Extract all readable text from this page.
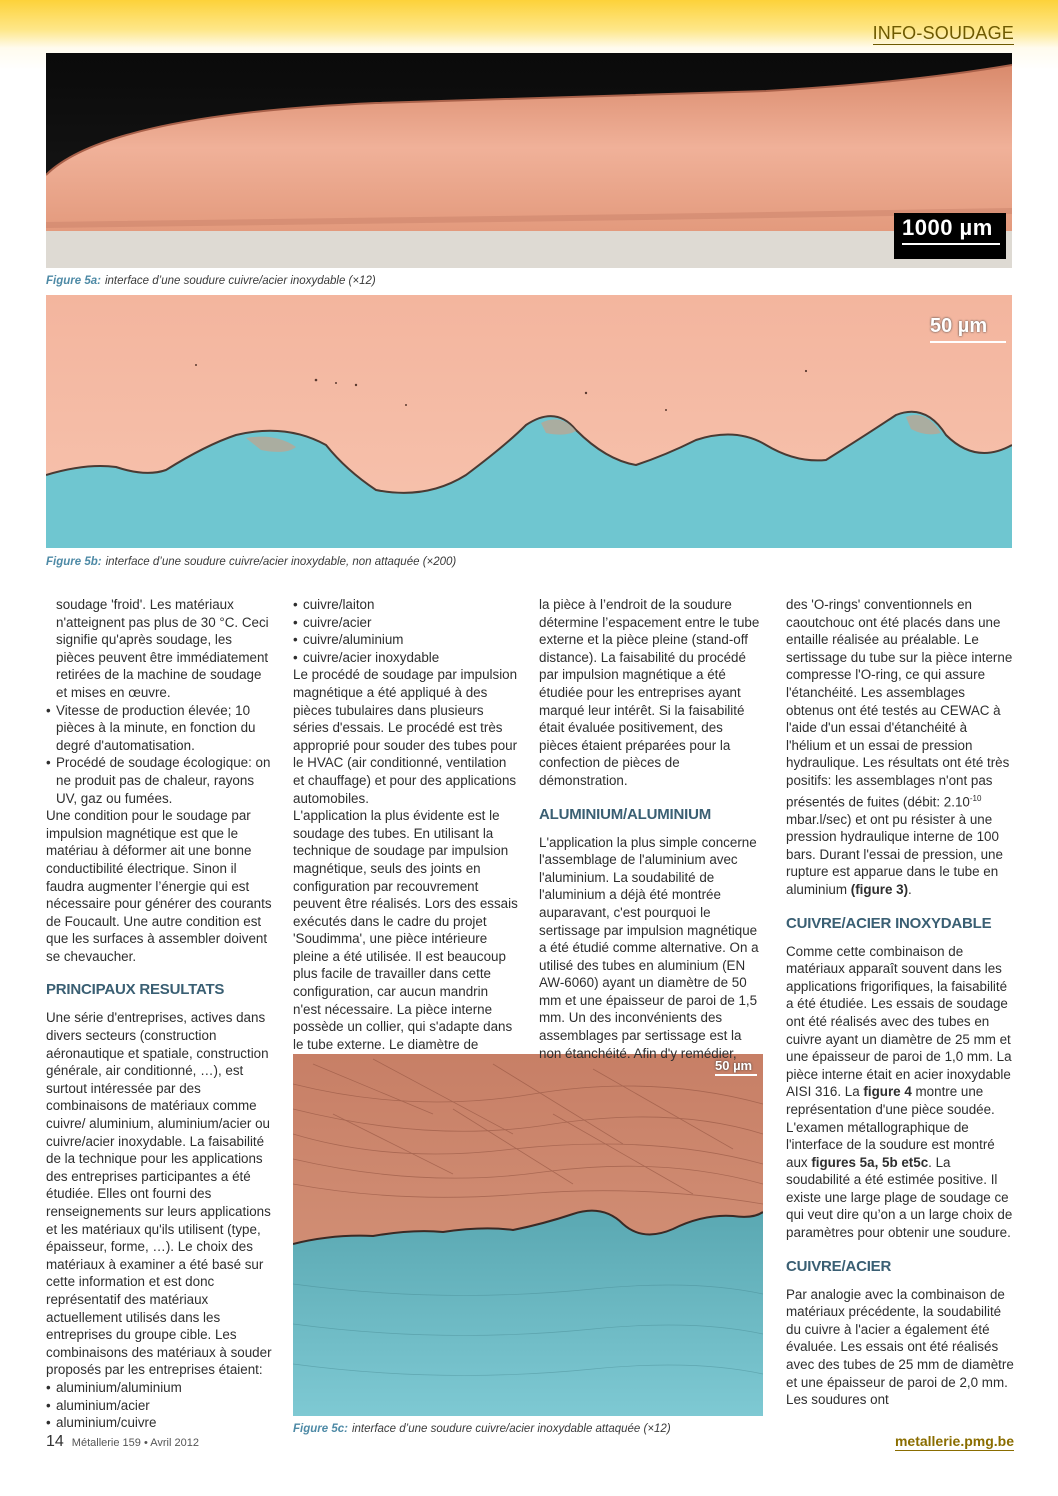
INFO-SOUDAGE
1000 µm
Figure 5a: interface d’une soudure cuivre/acier inoxydable (×12)
50 µm
Figure 5b: interface d’une soudure cuivre/acier inoxydable, non attaquée (×200)
50 µm
Figure 5c: interface d’une soudure cuivre/acier inoxydable attaquée (×12)

soudage 'froid'. Les matériaux n'atteignent pas plus de 30 °C. Ceci signifie qu'après soudage, les pièces peuvent être immédiatement retirées de la machine de soudage et mises en œuvre.

• Vitesse de production élevée; 10 pièces à la minute, en fonction du degré d'automatisation.
• Procédé de soudage écologique: on ne produit pas de chaleur, rayons UV, gaz ou fumées.

Une condition pour le soudage par impulsion magnétique est que le matériau à déformer ait une bonne conductibilité électrique. Sinon il faudra augmenter l’énergie qui est nécessaire pour générer des courants de Foucault. Une autre condition est que les surfaces à assembler doivent se chevaucher.

PRINCIPAUX RESULTATS

Une série d'entreprises, actives dans divers secteurs (construction aéronautique et spatiale, construction générale, air conditionné, …), est surtout intéressée par des combinaisons de matériaux comme cuivre/ aluminium, aluminium/acier ou cuivre/acier inoxydable. La faisabilité de la technique pour les applications des entreprises participantes a été étudiée. Elles ont fourni des renseignements sur leurs applications et les matériaux qu'ils utilisent (type, épaisseur, forme, …). Le choix des matériaux à examiner a été basé sur cette information et est donc représentatif des matériaux actuellement utilisés dans les entreprises du groupe cible. Les combinaisons des matériaux à souder proposés par les entreprises étaient:

• aluminium/aluminium
• aluminium/acier
• aluminium/cuivre
• cuivre/laiton
• cuivre/acier
• cuivre/aluminium
• cuivre/acier inoxydable

Le procédé de soudage par impulsion magnétique a été appliqué à des pièces tubulaires dans plusieurs séries d'essais. Le procédé est très approprié pour souder des tubes pour le HVAC (air conditionné, ventilation et chauffage) et pour des applications automobiles.

L'application la plus évidente est le soudage des tubes. En utilisant la technique de soudage par impulsion magnétique, seuls des joints en configuration par recouvrement peuvent être réalisés. Lors des essais exécutés dans le cadre du projet 'Soudimma', une pièce intérieure pleine a été utilisée. Il est beaucoup plus facile de travailler dans cette configuration, car aucun mandrin n'est nécessaire. La pièce interne possède un collier, qui s'adapte dans le tube externe. Le diamètre de

la pièce à l’endroit de la soudure détermine l’espacement entre le tube externe et la pièce pleine (stand-off distance). La faisabilité du procédé par impulsion magnétique a été étudiée pour les entreprises ayant marqué leur intérêt. Si la faisabilité était évaluée positivement, des pièces étaient préparées pour la confection de pièces de démonstration.

ALUMINIUM/ALUMINIUM

L'application la plus simple concerne l'assemblage de l'aluminium avec l'aluminium. La soudabilité de l'aluminium a déjà été montrée auparavant, c'est pourquoi le sertissage par impulsion magnétique a été étudié comme alternative. On a utilisé des tubes en aluminium (EN AW-6060) ayant un diamètre de 50 mm et une épaisseur de paroi de 1,5 mm. Un des inconvénients des assemblages par sertissage est la non étanchéité. Afin d'y remédier,

des 'O-rings' conventionnels en caoutchouc ont été placés dans une entaille réalisée au préalable. Le sertissage du tube sur la pièce interne compresse l'O-ring, ce qui assure l'étanchéité. Les assemblages obtenus ont été testés au CEWAC à l'aide d'un essai d'étanchéité à l'hélium et un essai de pression hydraulique. Les résultats ont été très positifs: les assemblages n'ont pas présentés de fuites (débit: $2.10^{-10}$ mbar.l/sec) et ont pu résister à une pression hydraulique interne de 100 bars. Durant l'essai de pression, une rupture est apparue dans le tube en aluminium (figure 3).

CUIVRE/ACIER INOXYDABLE

Comme cette combinaison de matériaux apparaît souvent dans les applications frigorifiques, la faisabilité a été étudiée. Les essais de soudage ont été réalisés avec des tubes en cuivre ayant un diamètre de 25 mm et une épaisseur de paroi de 1,0 mm. La pièce interne était en acier inoxydable AISI 316. La figure 4 montre une représentation d'une pièce soudée. L'examen métallographique de l'interface de la soudure est montré aux figures 5a, 5b et5c. La soudabilité a été estimée positive. Il existe une large plage de soudage ce qui veut dire qu’on a un large choix de paramètres pour obtenir une soudure.

CUIVRE/ACIER

Par analogie avec la combinaison de matériaux précédente, la soudabilité du cuivre à l'acier a également été évaluée. Les essais ont été réalisés avec des tubes de 25 mm de diamètre et une épaisseur de paroi de 2,0 mm. Les soudures ont

14 Métallerie 159 • Avril 2012	metallerie.pmg.be
